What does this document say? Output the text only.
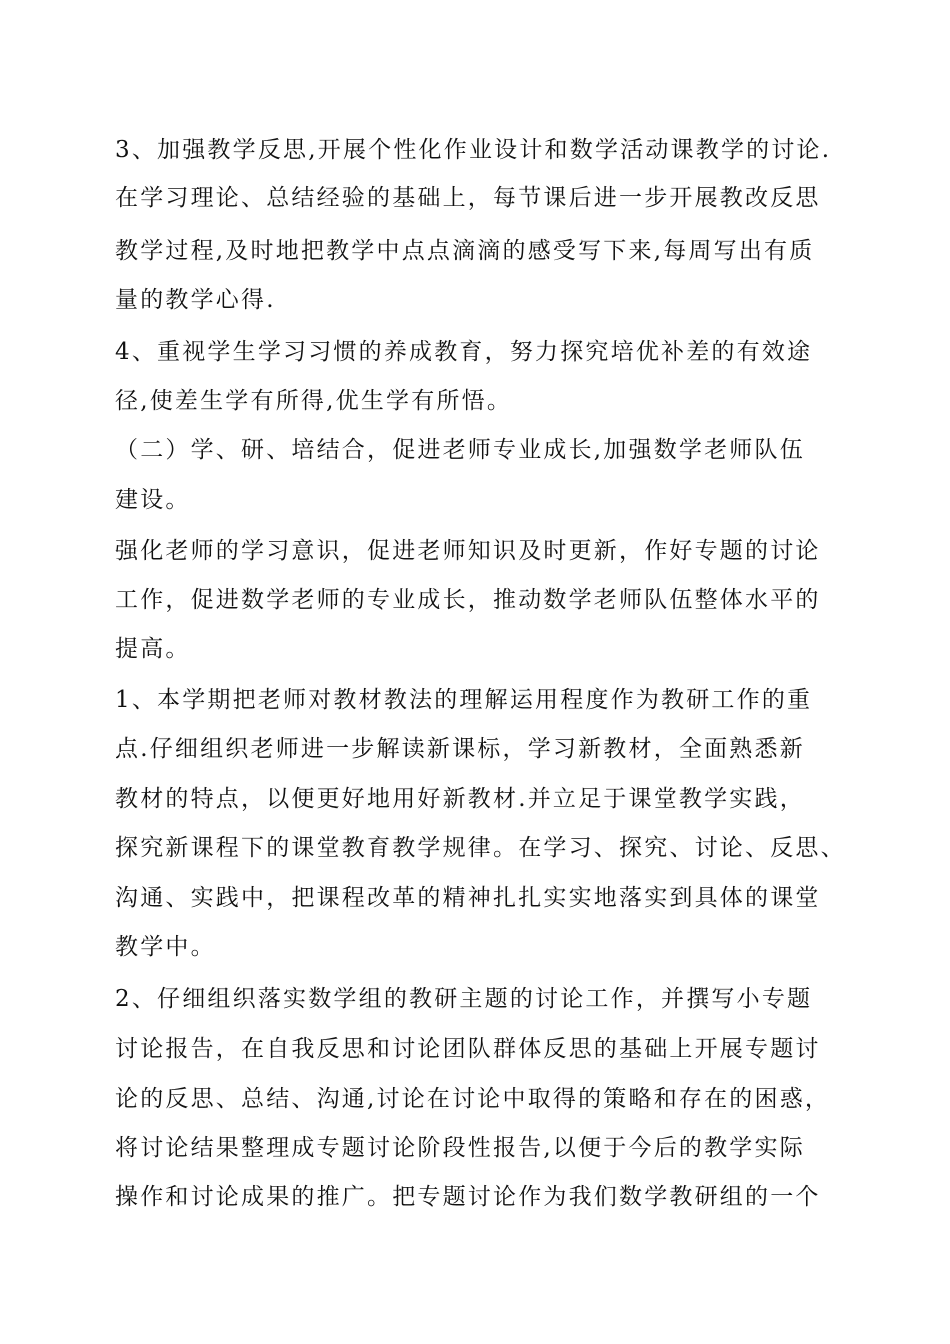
3、加强教学反思,开展个性化作业设计和数学活动课教学的讨论.
在学习理论、总结经验的基础上，每节课后进一步开展教改反思
教学过程,及时地把教学中点点滴滴的感受写下来,每周写出有质
量的教学心得.
4、重视学生学习习惯的养成教育，努力探究培优补差的有效途
径,使差生学有所得,优生学有所悟。
（二）学、研、培结合，促进老师专业成长,加强数学老师队伍
建设。
强化老师的学习意识，促进老师知识及时更新，作好专题的讨论
工作，促进数学老师的专业成长，推动数学老师队伍整体水平的
提高。
1、本学期把老师对教材教法的理解运用程度作为教研工作的重
点.仔细组织老师进一步解读新课标，学习新教材，全面熟悉新
教材的特点，以便更好地用好新教材.并立足于课堂教学实践，
探究新课程下的课堂教育教学规律。在学习、探究、讨论、反思、
沟通、实践中，把课程改革的精神扎扎实实地落实到具体的课堂
教学中。
2、仔细组织落实数学组的教研主题的讨论工作，并撰写小专题
讨论报告，在自我反思和讨论团队群体反思的基础上开展专题讨
论的反思、总结、沟通,讨论在讨论中取得的策略和存在的困惑，
将讨论结果整理成专题讨论阶段性报告,以便于今后的教学实际
操作和讨论成果的推广。把专题讨论作为我们数学教研组的一个
